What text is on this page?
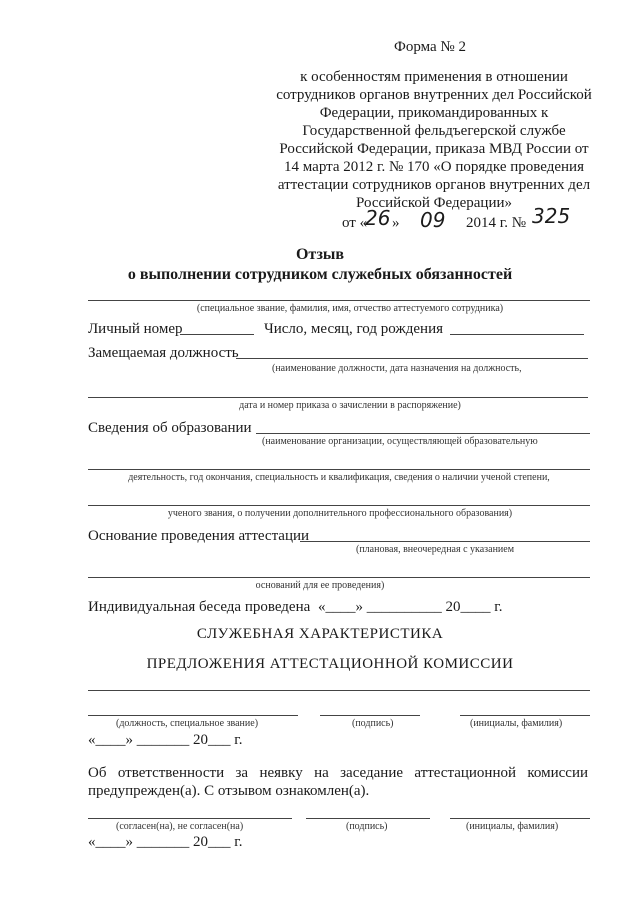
Форма № 2
к особенностям применения в отношении
сотрудников органов внутренних дел Российской
Федерации, прикомандированных к
Государственной фельдъегерской службе
Российской Федерации, приказа МВД России от
14 марта 2012 г. № 170 «О порядке проведения
аттестации сотрудников органов внутренних дел
Российской Федерации»
от «
26 » 09 2014 г. № 325
Отзыв
о выполнении сотрудником служебных обязанностей
(специальное звание, фамилия, имя, отчество аттестуемого сотрудника)
Личный номер	Число, месяц, год рождения
Замещаемая должность
(наименование должности, дата назначения на должность,
дата и номер приказа о зачислении в распоряжение)
Сведения об образовании
(наименование организации, осуществляющей образовательную
деятельность, год окончания, специальность и квалификация, сведения о наличии ученой степени,
ученого звания, о получении дополнительного профессионального образования)
Основание проведения аттестации
(плановая, внеочередная с указанием
оснований для ее проведения)
Индивидуальная беседа проведена «____» __________ 20____ г.
СЛУЖЕБНАЯ ХАРАКТЕРИСТИКА
ПРЕДЛОЖЕНИЯ АТТЕСТАЦИОННОЙ КОМИССИИ
(должность, специальное звание)	(подпись)	(инициалы, фамилия)
«____» _______ 20___ г.
Об ответственности за неявку на заседание аттестационной комиссии
предупрежден(а). С отзывом ознакомлен(а).
(согласен(на), не согласен(на)	(подпись)	(инициалы, фамилия)
«____» _______ 20___ г.
